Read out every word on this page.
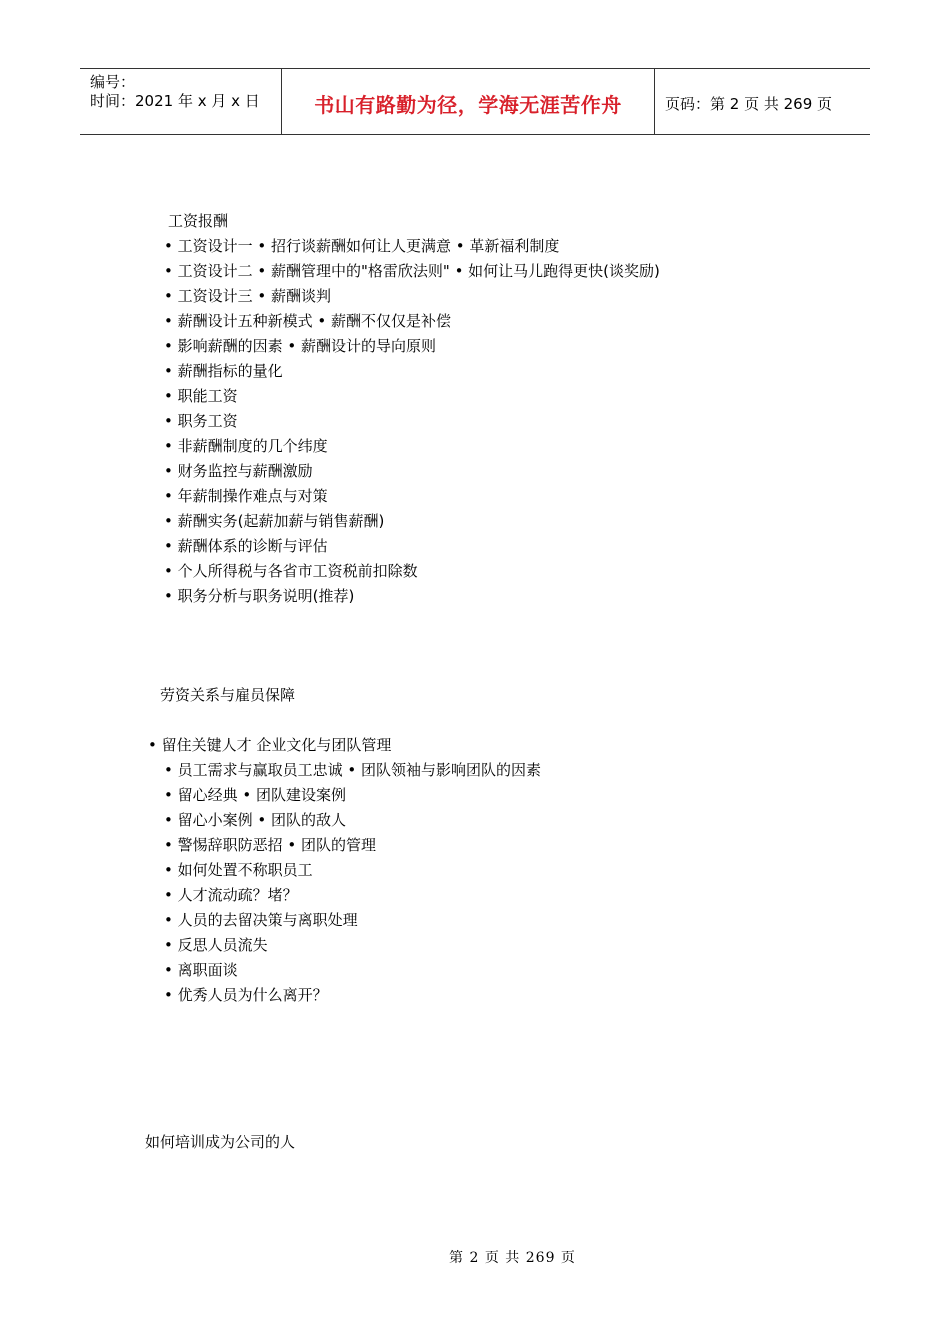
编号：
时间：2021 年 x 月 x 日	书山有路勤为径，学海无涯苦作舟	页码：第 2 页 共 269 页
工资报酬
• 工资设计一 • 招行谈薪酬如何让人更满意 • 革新福利制度
• 工资设计二 • 薪酬管理中的"格雷欣法则" • 如何让马儿跑得更快(谈奖励)
• 工资设计三 • 薪酬谈判
• 薪酬设计五种新模式 • 薪酬不仅仅是补偿
• 影响薪酬的因素 • 薪酬设计的导向原则
• 薪酬指标的量化
• 职能工资
• 职务工资
• 非薪酬制度的几个纬度
• 财务监控与薪酬激励
• 年薪制操作难点与对策
• 薪酬实务(起薪加薪与销售薪酬)
• 薪酬体系的诊断与评估
• 个人所得税与各省市工资税前扣除数
• 职务分析与职务说明(推荐)
劳资关系与雇员保障
• 留住关键人才 企业文化与团队管理
• 员工需求与赢取员工忠诚 • 团队领袖与影响团队的因素
• 留心经典 • 团队建设案例
• 留心小案例 • 团队的敌人
• 警惕辞职防恶招 • 团队的管理
• 如何处置不称职员工
• 人才流动疏？堵？
• 人员的去留决策与离职处理
• 反思人员流失
• 离职面谈
• 优秀人员为什么离开？
如何培训成为公司的人
第 2 页 共 269 页
